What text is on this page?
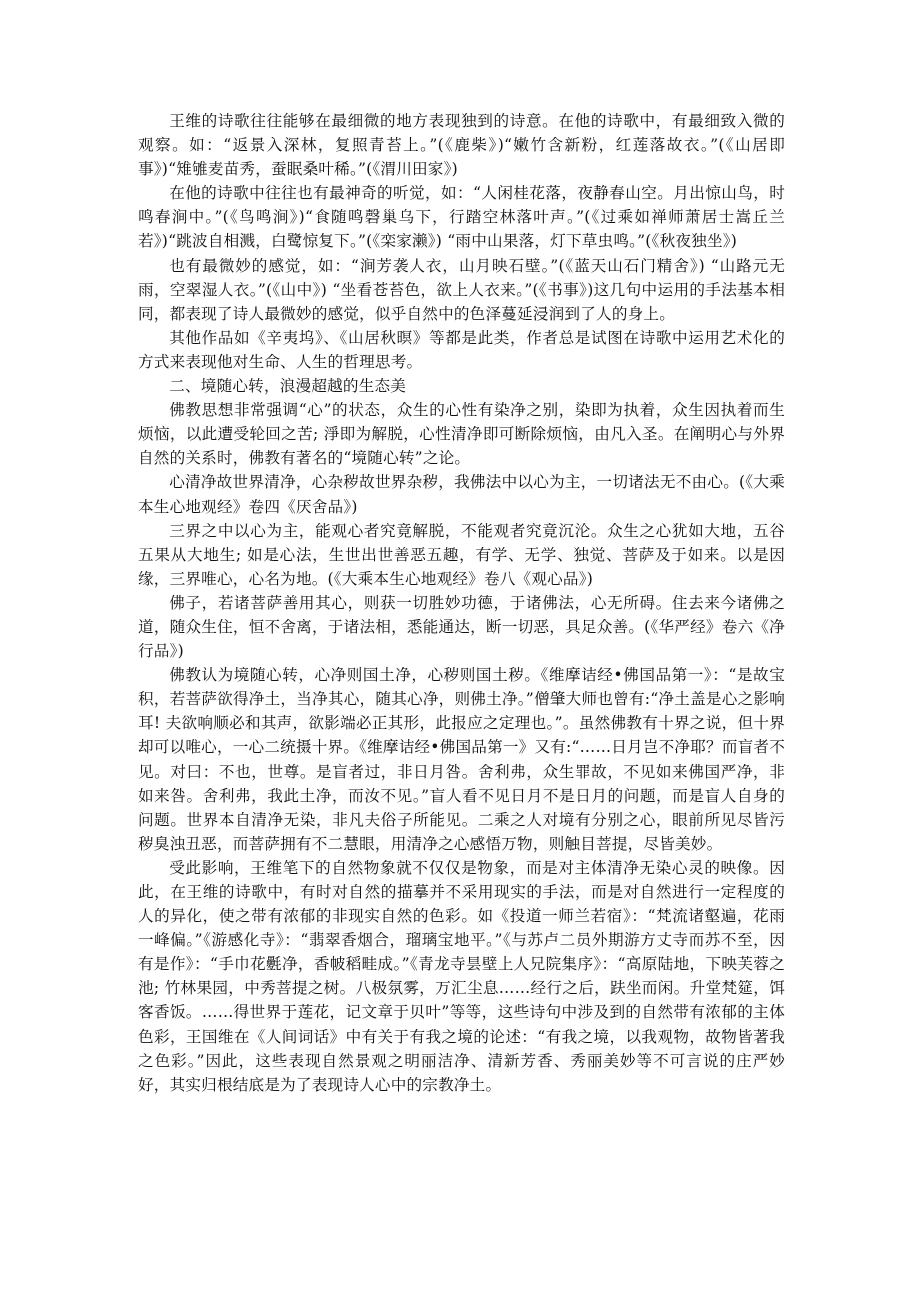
王维的诗歌往往能够在最细微的地方表现独到的诗意。在他的诗歌中，有最细致入微的观察。如：“返景入深林，复照青苔上。”(《鹿柴》)“嫩竹含新粉，红莲落故衣。”(《山居即事》)“雉雊麦苗秀，蚕眠桑叶稀。”(《渭川田家》)

在他的诗歌中往往也有最神奇的听觉，如：“人闲桂花落，夜静春山空。月出惊山鸟，时鸣春涧中。”(《鸟鸣涧》)“食随鸣磬巢乌下，行踏空林落叶声。”(《过乘如禅师萧居士嵩丘兰若》)“跳波自相溅，白鹭惊复下。”(《栾家濑》) “雨中山果落，灯下草虫鸣。”(《秋夜独坐》)

也有最微妙的感觉，如：“涧芳袭人衣，山月映石壁。”(《蓝天山石门精舍》) “山路元无雨，空翠湿人衣。”(《山中》) “坐看苍苔色，欲上人衣来。”(《书事》)这几句中运用的手法基本相同，都表现了诗人最微妙的感觉，似乎自然中的色泽蔓延浸润到了人的身上。

其他作品如《辛夷坞》、《山居秋暝》等都是此类，作者总是试图在诗歌中运用艺术化的方式来表现他对生命、人生的哲理思考。

二、境随心转，浪漫超越的生态美

佛教思想非常强调“心”的状态，众生的心性有染净之别，染即为执着，众生因执着而生烦恼，以此遭受轮回之苦; 淨即为解脱，心性清净即可断除烦恼，由凡入圣。在阐明心与外界自然的关系时，佛教有著名的“境随心转”之论。

心清净故世界清净，心杂秽故世界杂秽，我佛法中以心为主，一切诸法无不由心。(《大乘本生心地观经》卷四《厌舍品》)

三界之中以心为主，能观心者究竟解脱，不能观者究竟沉沦。众生之心犹如大地，五谷五果从大地生; 如是心法，生世出世善恶五趣，有学、无学、独觉、菩萨及于如来。以是因缘，三界唯心，心名为地。(《大乘本生心地观经》卷八《观心品》)

佛子，若诸菩萨善用其心，则获一切胜妙功德，于诸佛法，心无所碍。住去来今诸佛之道，随众生住，恒不舍离，于诸法相，悉能通达，断一切恶，具足众善。(《华严经》卷六《净行品》)

佛教认为境随心转，心净则国土净，心秽则国土秽。《维摩诘经•佛国品第一》：“是故宝积，若菩萨欲得净土，当净其心，随其心净，则佛土净。”僧肇大师也曾有:“净土盖是心之影响耳! 夫欲响顺必和其声，欲影端必正其形，此报应之定理也。”。虽然佛教有十界之说，但十界却可以唯心，一心二统摄十界。《维摩诘经•佛国品第一》又有:“……日月岂不净耶？而盲者不见。对曰：不也，世尊。是盲者过，非日月咎。舍利弗，众生罪故，不见如来佛国严净，非如来咎。舍利弗，我此土净，而汝不见。”盲人看不见日月不是日月的问题，而是盲人自身的问题。世界本自清净无染，非凡夫俗子所能见。二乘之人对境有分别之心，眼前所见尽皆污秽臭浊丑恶，而菩萨拥有不二慧眼，用清净之心感悟万物，则触目菩提，尽皆美妙。

受此影响，王维笔下的自然物象就不仅仅是物象，而是对主体清净无染心灵的映像。因此，在王维的诗歌中，有时对自然的描摹并不采用现实的手法，而是对自然进行一定程度的人的异化，使之带有浓郁的非现实自然的色彩。如《投道一师兰若宿》：“梵流诸壑遍，花雨一峰偏。”《游感化寺》：“翡翠香烟合，瑠璃宝地平。”《与苏卢二员外期游方丈寺而苏不至，因有是作》：“手巾花氎净，香帔稻畦成。”《青龙寺昙壁上人兄院集序》：“高原陆地，下映芙蓉之池; 竹林果园，中秀菩提之树。八极氛雾，万汇尘息……经行之后，趺坐而闲。升堂梵筵，饵客香饭。……得世界于莲花，记文章于贝叶”等等，这些诗句中涉及到的自然带有浓郁的主体色彩，王国维在《人间词话》中有关于有我之境的论述：“有我之境，以我观物，故物皆著我之色彩。”因此，这些表现自然景观之明丽洁净、清新芳香、秀丽美妙等不可言说的庄严妙好，其实归根结底是为了表现诗人心中的宗教净土。
